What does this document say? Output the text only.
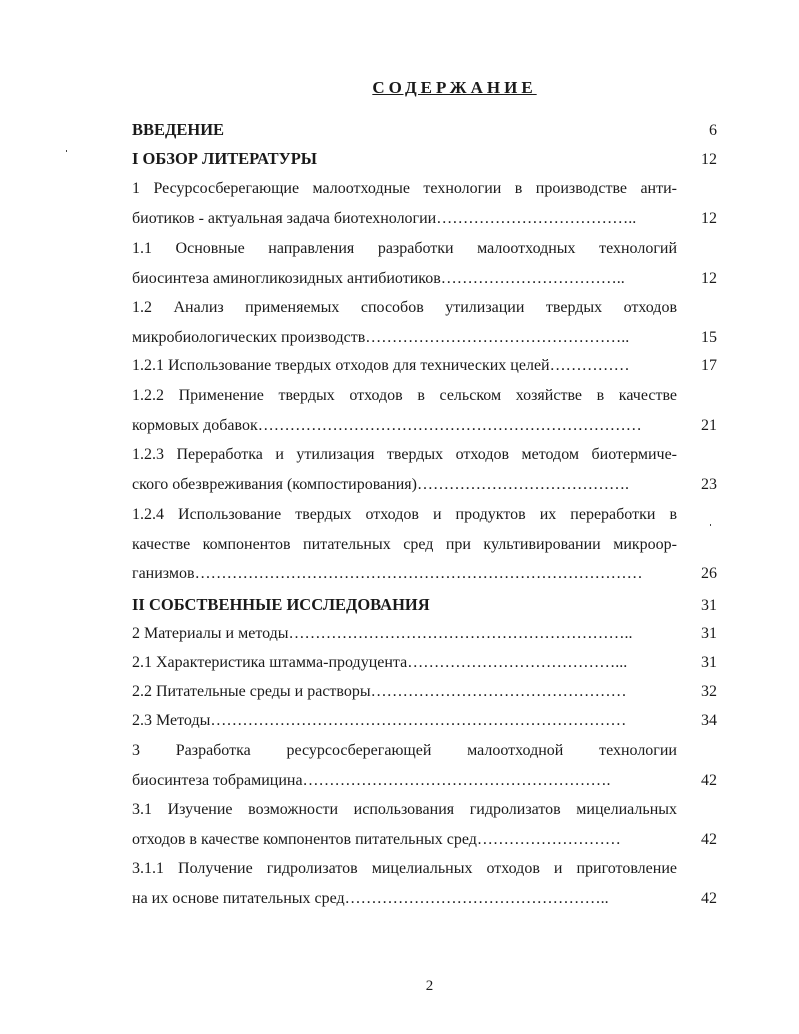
СОДЕРЖАНИЕ
ВВЕДЕНИЕ	6
I ОБЗОР ЛИТЕРАТУРЫ	12
1 Ресурсосберегающие малоотходные технологии в производстве анти-
биотиков - актуальная задача биотехнологии………………………………..	12
1.1 Основные направления разработки малоотходных технологий
биосинтеза аминогликозидных антибиотиков……………………………..	12
1.2 Анализ применяемых способов утилизации твердых отходов
микробиологических производств…………………………………………..	15
1.2.1 Использование твердых отходов для технических целей……………	17
1.2.2 Применение твердых отходов в сельском хозяйстве в качестве
кормовых добавок………………………………………………………………	21
1.2.3 Переработка и утилизация твердых отходов методом биотермиче-
ского обезвреживания (компостирования)………………………………….	23
1.2.4 Использование твердых отходов и продуктов их переработки в
качестве компонентов питательных сред при культивировании микроор-
ганизмов…………………………………………………………………………	26
II СОБСТВЕННЫЕ ИССЛЕДОВАНИЯ	31
2 Материалы и методы………………………………………………………..	31
2.1 Характеристика штамма-продуцента…………………………………...	31
2.2 Питательные среды и растворы…………………………………………	32
2.3 Методы……………………………………………………………………	34
3 Разработка ресурсосберегающей малоотходной технологии
биосинтеза тобрамицина………………………………………………….	42
3.1 Изучение возможности использования гидролизатов мицелиальных
отходов в качестве компонентов питательных сред………………………	42
3.1.1 Получение гидролизатов мицелиальных отходов и приготовление
на их основе питательных сред…………………………………………..	42
2
